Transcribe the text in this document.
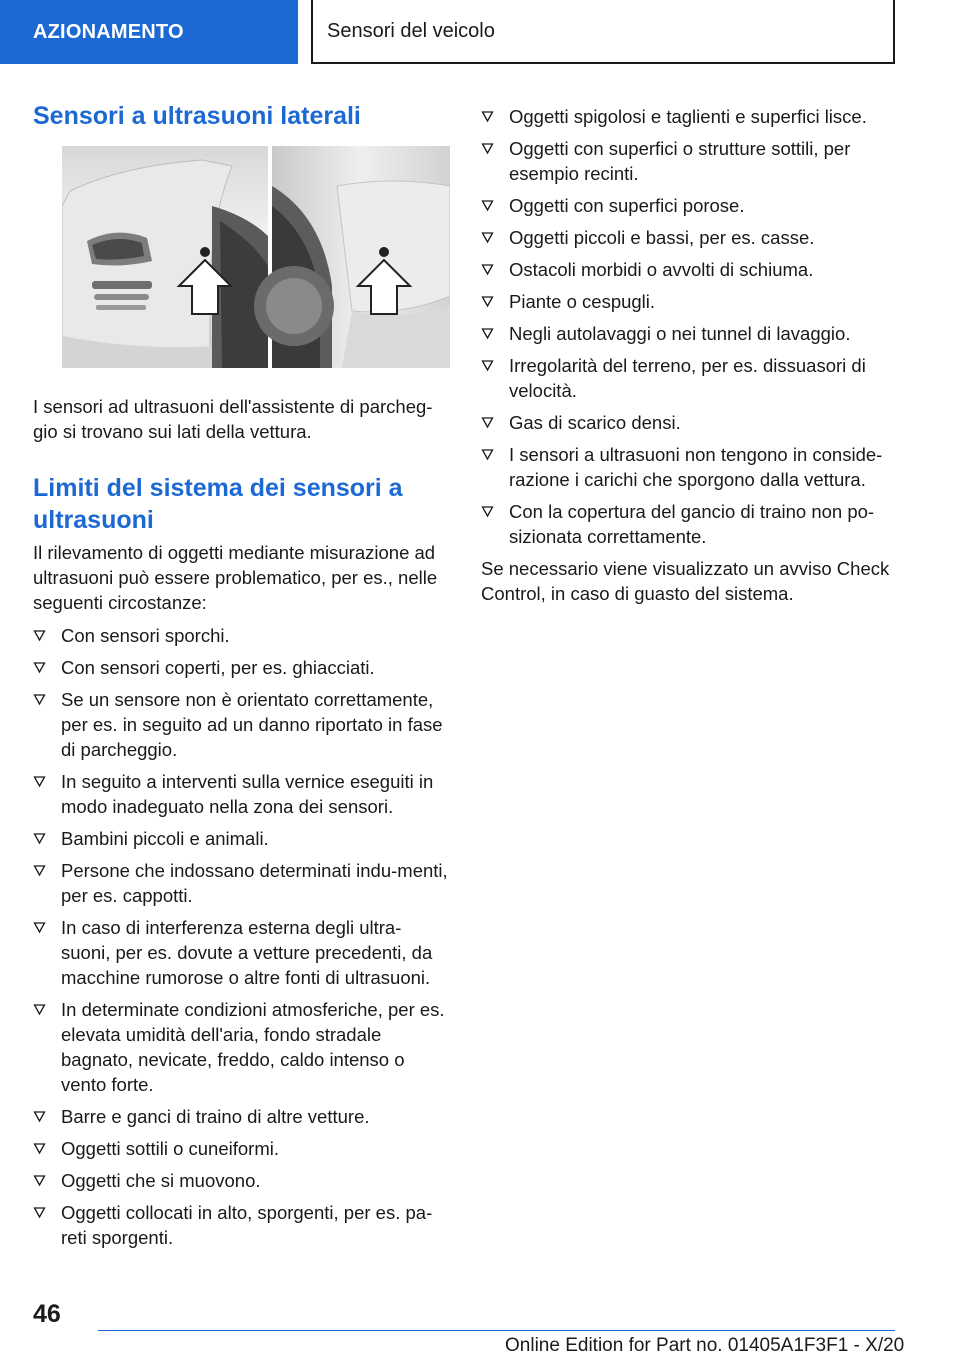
AZIONAMENTO	Sensori del veicolo
Sensori a ultrasuoni laterali

I sensori ad ultrasuoni dell'assistente di parcheg‐gio si trovano sui lati della vettura.

Limiti del sistema dei sensori a ultrasuoni

Il rilevamento di oggetti mediante misurazione ad ultrasuoni può essere problematico, per es., nelle seguenti circostanze:

Con sensori sporchi.
Con sensori coperti, per es. ghiacciati.
Se un sensore non è orientato correttamente, per es. in seguito ad un danno riportato in fase di parcheggio.
In seguito a interventi sulla vernice eseguiti in modo inadeguato nella zona dei sensori.
Bambini piccoli e animali.
Persone che indossano determinati indu‐menti, per es. cappotti.
In caso di interferenza esterna degli ultra‐suoni, per es. dovute a vetture precedenti, da macchine rumorose o altre fonti di ultrasuoni.
In determinate condizioni atmosferiche, per es. elevata umidità dell'aria, fondo stradale bagnato, nevicate, freddo, caldo intenso o vento forte.
Barre e ganci di traino di altre vetture.
Oggetti sottili o cuneiformi.
Oggetti che si muovono.
Oggetti collocati in alto, sporgenti, per es. pa‐reti sporgenti.
Oggetti spigolosi e taglienti e superfici lisce.
Oggetti con superfici o strutture sottili, per esempio recinti.
Oggetti con superfici porose.
Oggetti piccoli e bassi, per es. casse.
Ostacoli morbidi o avvolti di schiuma.
Piante o cespugli.
Negli autolavaggi o nei tunnel di lavaggio.
Irregolarità del terreno, per es. dissuasori di velocità.
Gas di scarico densi.
I sensori a ultrasuoni non tengono in conside‐razione i carichi che sporgono dalla vettura.
Con la copertura del gancio di traino non po‐sizionata correttamente.

Se necessario viene visualizzato un avviso Check Control, in caso di guasto del sistema.

46
Online Edition for Part no. 01405A1F3F1 - X/20
